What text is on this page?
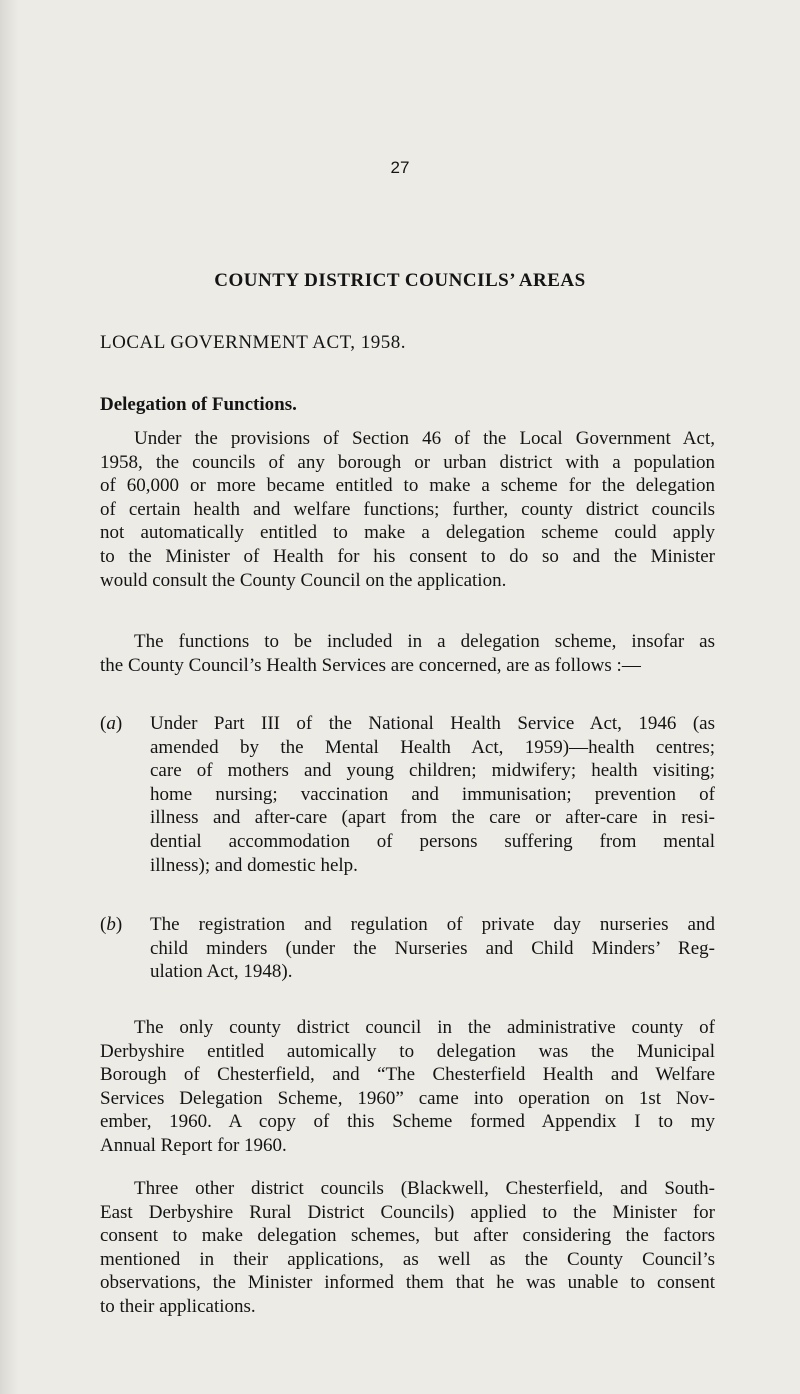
27
COUNTY DISTRICT COUNCILS’ AREAS
LOCAL GOVERNMENT ACT, 1958.
Delegation of Functions.
Under the provisions of Section 46 of the Local Government Act,
1958, the councils of any borough or urban district with a population
of 60,000 or more became entitled to make a scheme for the delegation
of certain health and welfare functions; further, county district councils
not automatically entitled to make a delegation scheme could apply
to the Minister of Health for his consent to do so and the Minister
would consult the County Council on the application.
The functions to be included in a delegation scheme, insofar as
the County Council’s Health Services are concerned, are as follows :—
(a)	Under Part III of the National Health Service Act, 1946 (as
amended by the Mental Health Act, 1959)—health centres;
care of mothers and young children; midwifery; health visiting;
home nursing; vaccination and immunisation; prevention of
illness and after-care (apart from the care or after-care in resi-
dential accommodation of persons suffering from mental
illness); and domestic help.
(b)	The registration and regulation of private day nurseries and
child minders (under the Nurseries and Child Minders’ Reg-
ulation Act, 1948).
The only county district council in the administrative county of
Derbyshire entitled automically to delegation was the Municipal
Borough of Chesterfield, and “The Chesterfield Health and Welfare
Services Delegation Scheme, 1960” came into operation on 1st Nov-
ember, 1960. A copy of this Scheme formed Appendix I to my
Annual Report for 1960.
Three other district councils (Blackwell, Chesterfield, and South-
East Derbyshire Rural District Councils) applied to the Minister for
consent to make delegation schemes, but after considering the factors
mentioned in their applications, as well as the County Council’s
observations, the Minister informed them that he was unable to consent
to their applications.
